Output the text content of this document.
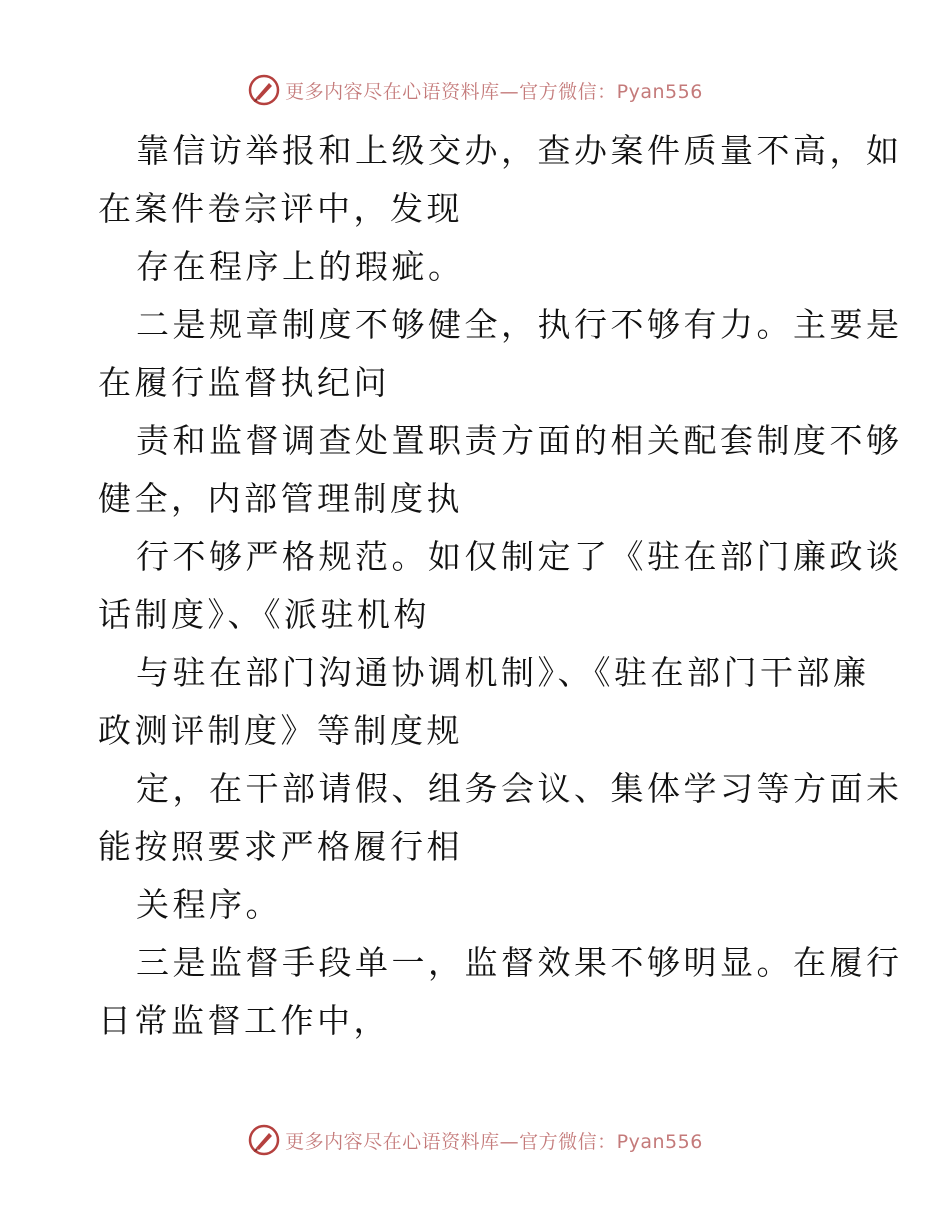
更多内容尽在心语资料库—官方微信：Pyan556
靠信访举报和上级交办，查办案件质量不高，如
在案件卷宗评中，发现
存在程序上的瑕疵。
二是规章制度不够健全，执行不够有力。主要是
在履行监督执纪问
责和监督调查处置职责方面的相关配套制度不够
健全，内部管理制度执
行不够严格规范。如仅制定了《驻在部门廉政谈
话制度》、《派驻机构
与驻在部门沟通协调机制》、《驻在部门干部廉
政测评制度》等制度规
定，在干部请假、组务会议、集体学习等方面未
能按照要求严格履行相
关程序。
三是监督手段单一，监督效果不够明显。在履行
日常监督工作中，
更多内容尽在心语资料库—官方微信：Pyan556
